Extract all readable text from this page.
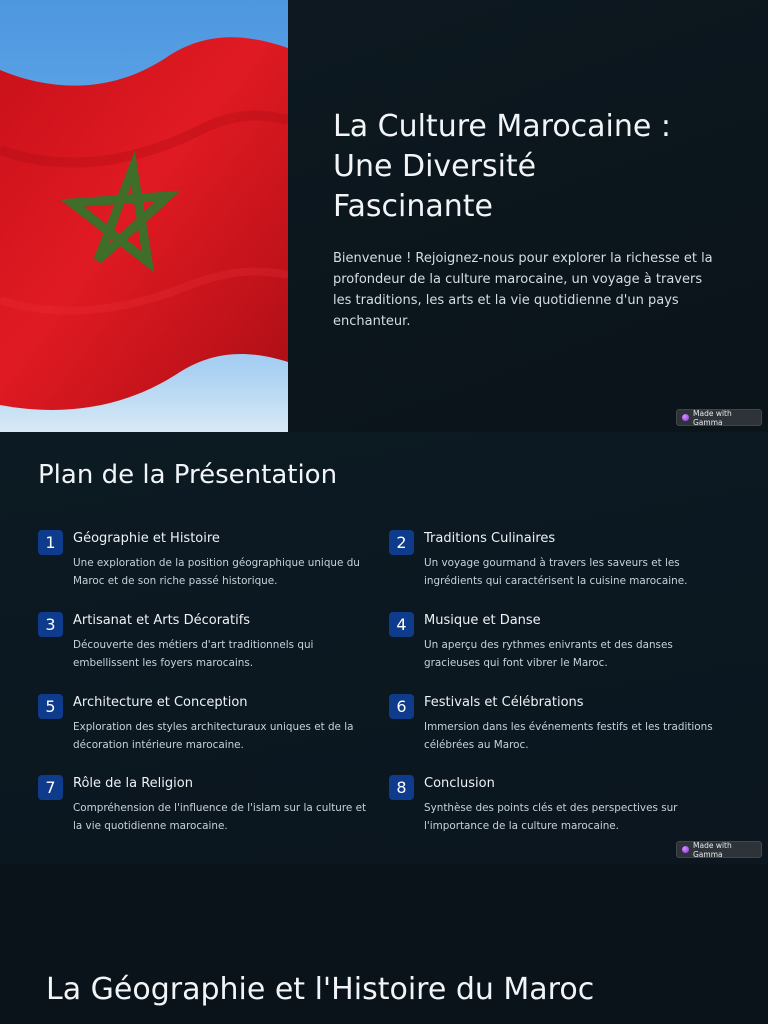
La Culture Marocaine :
Une Diversité
Fascinante

Bienvenue ! Rejoignez-nous pour explorer la richesse et la profondeur de la culture marocaine, un voyage à travers les traditions, les arts et la vie quotidienne d'un pays enchanteur.

Made with Gamma
Plan de la Présentation
1	Géographie et Histoire
Une exploration de la position géographique unique du Maroc et de son riche passé historique.
2	Traditions Culinaires
Un voyage gourmand à travers les saveurs et les ingrédients qui caractérisent la cuisine marocaine.
3	Artisanat et Arts Décoratifs
Découverte des métiers d'art traditionnels qui embellissent les foyers marocains.
4	Musique et Danse
Un aperçu des rythmes enivrants et des danses gracieuses qui font vibrer le Maroc.
5	Architecture et Conception
Exploration des styles architecturaux uniques et de la décoration intérieure marocaine.
6	Festivals et Célébrations
Immersion dans les événements festifs et les traditions célébrées au Maroc.
7	Rôle de la Religion
Compréhension de l'influence de l'islam sur la culture et la vie quotidienne marocaine.
8	Conclusion
Synthèse des points clés et des perspectives sur l'importance de la culture marocaine.
Made with Gamma
La Géographie et l'Histoire du Maroc
